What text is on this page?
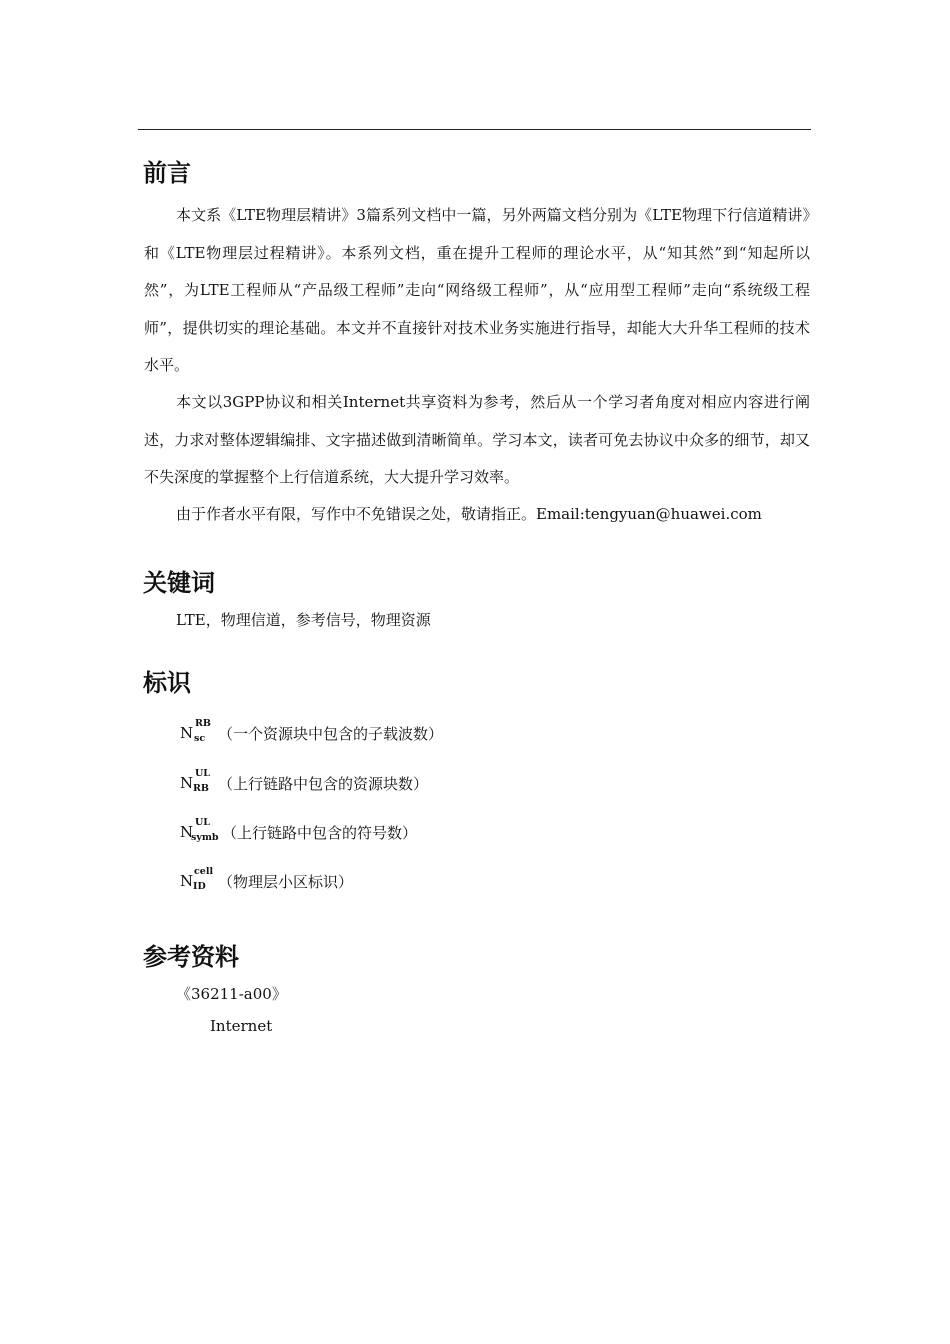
前言

本文系《LTE物理层精讲》3篇系列文档中一篇，另外两篇文档分别为《LTE物理下行信道精讲》和《LTE物理层过程精讲》。本系列文档，重在提升工程师的理论水平，从“知其然”到“知起所以然”，为LTE工程师从“产品级工程师”走向“网络级工程师”，从“应用型工程师”走向“系统级工程师”，提供切实的理论基础。本文并不直接针对技术业务实施进行指导，却能大大升华工程师的技术水平。

本文以3GPP协议和相关Internet共享资料为参考，然后从一个学习者角度对相应内容进行阐述，力求对整体逻辑编排、文字描述做到清晰简单。学习本文，读者可免去协议中众多的细节，却又不失深度的掌握整个上行信道系统，大大提升学习效率。

由于作者水平有限，写作中不免错误之处，敬请指正。Email:tengyuan@huawei.com

关键词
LTE，物理信道，参考信号，物理资源
标识
N
RB
sc （一个资源块中包含的子载波数）
N
UL
RB （上行链路中包含的资源块数）
N
UL
symb （上行链路中包含的符号数）
N
cell
ID （物理层小区标识）
参考资料
《36211-a00》
Internet
